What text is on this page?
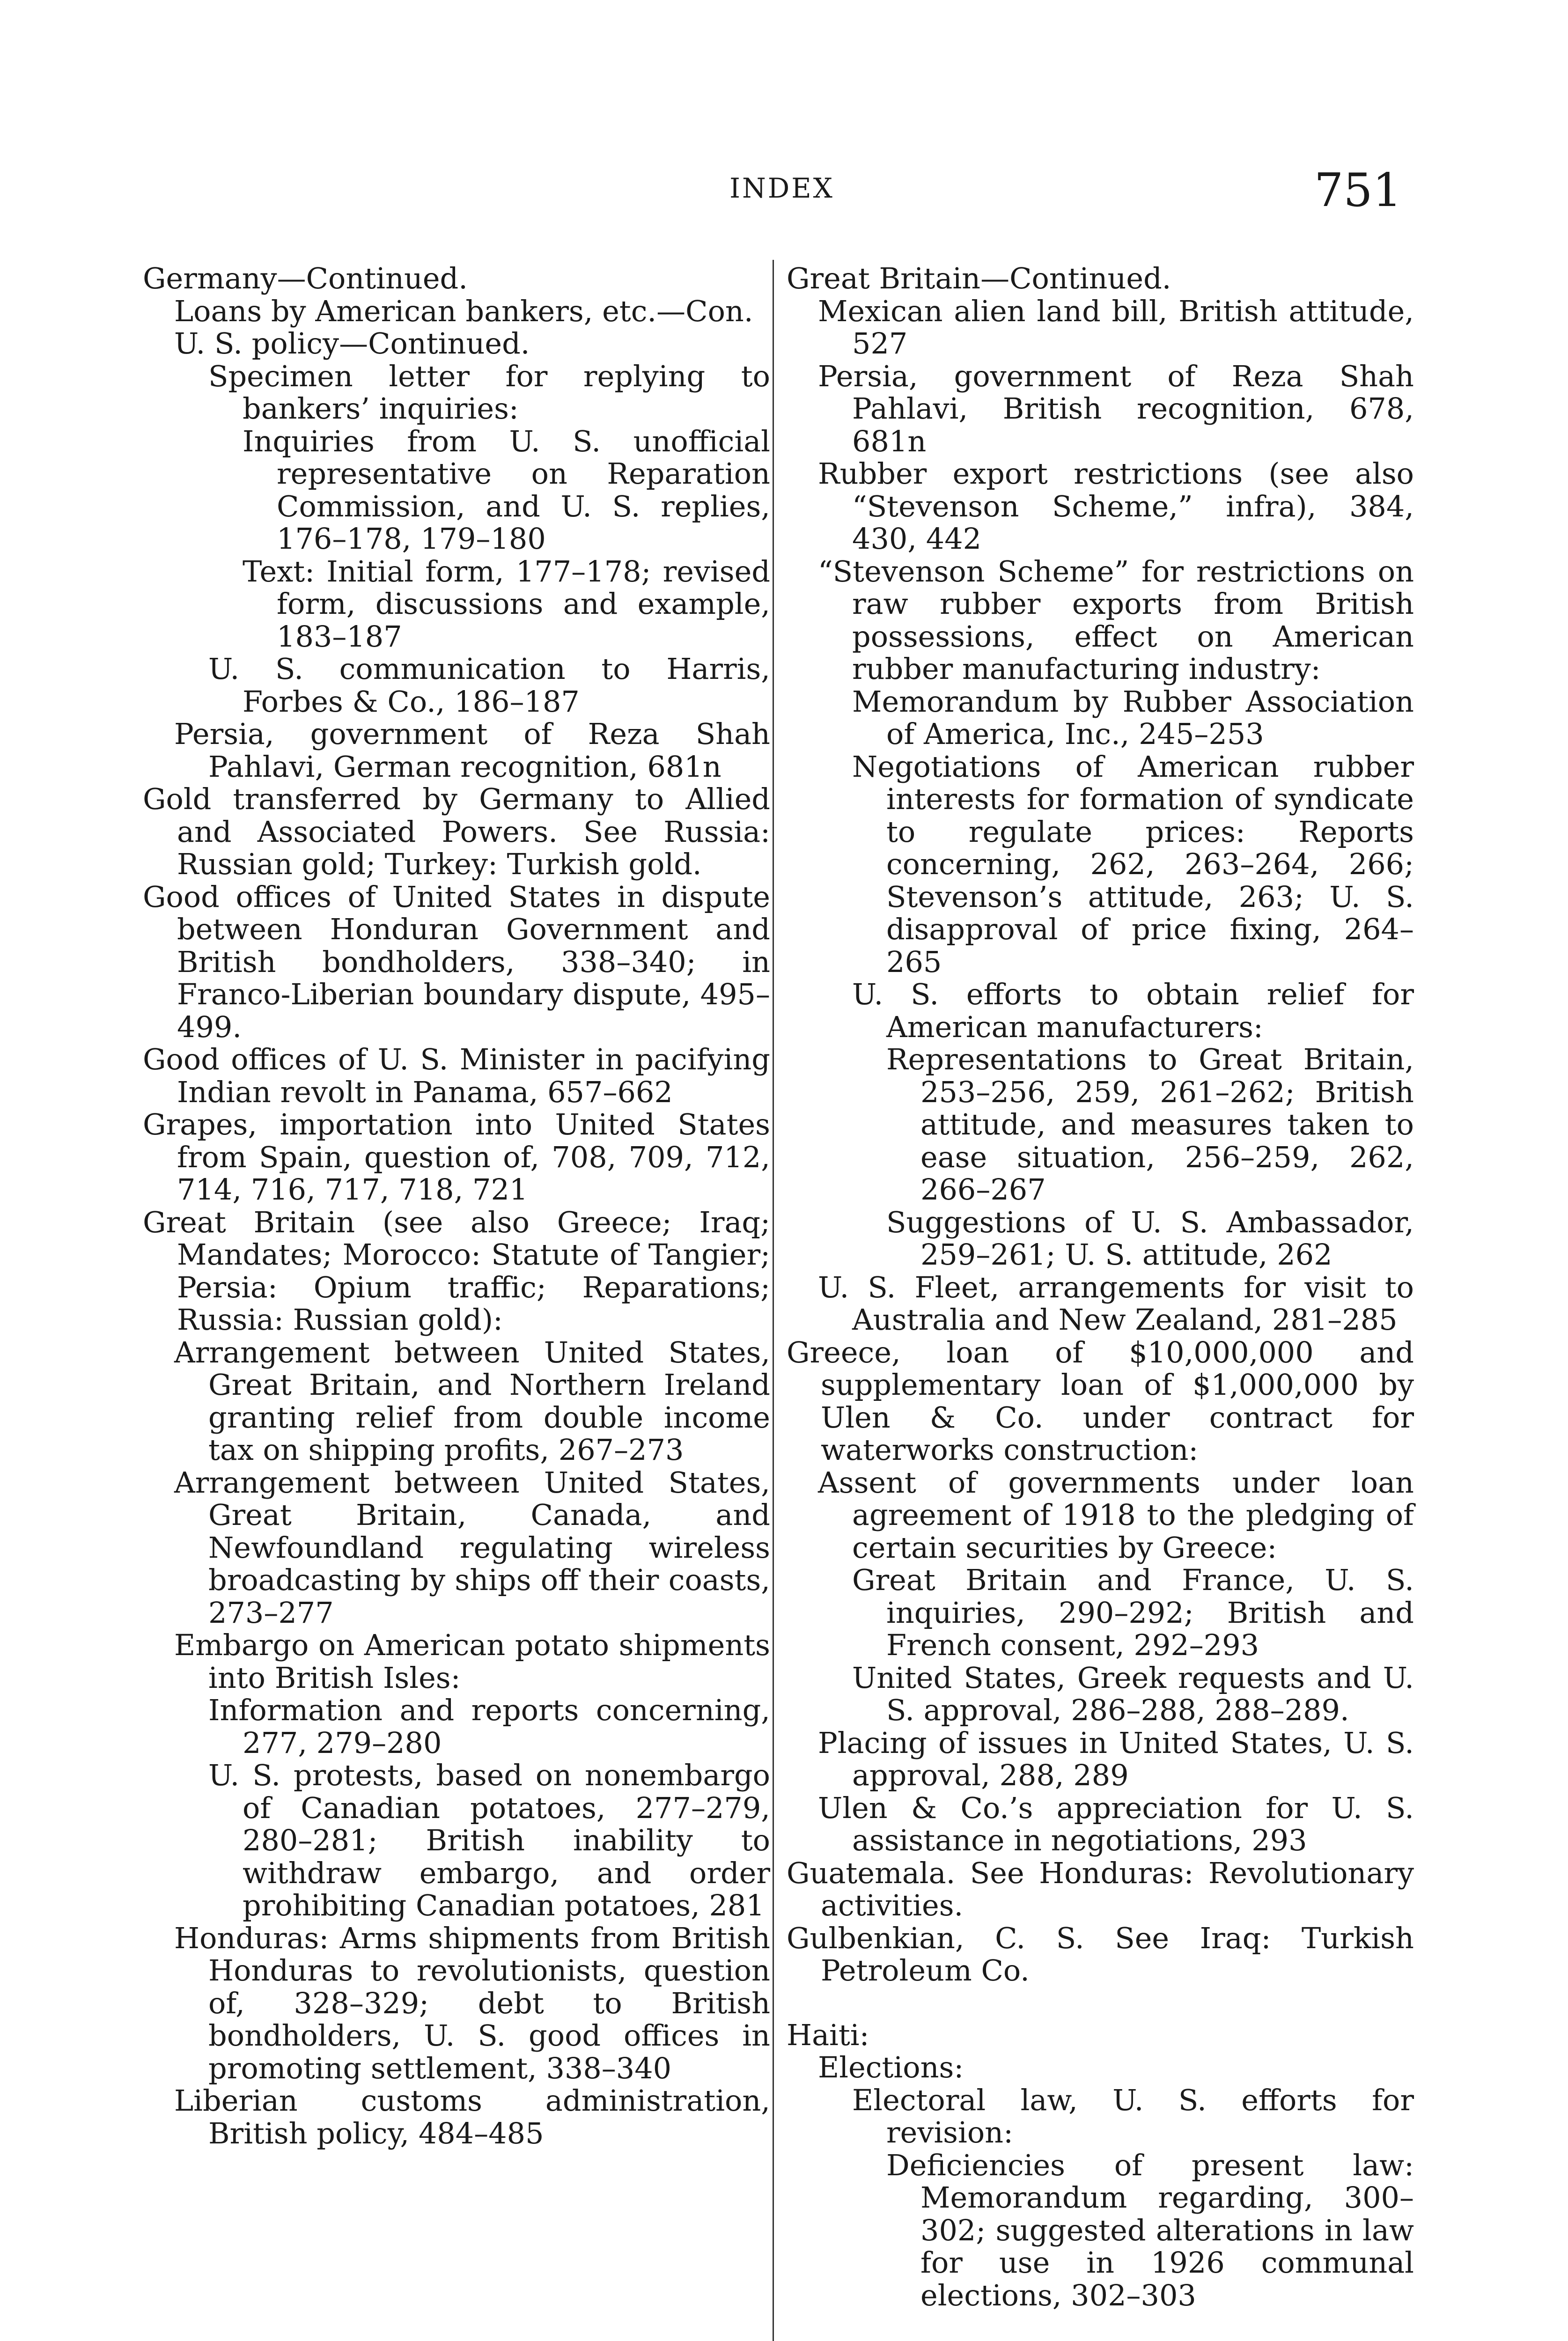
INDEX	751
Germany—Continued.
Loans by American bankers, etc.—Con.
U. S. policy—Continued.
Specimen letter for replying to bankers’ inquiries:
Inquiries from U. S. unofficial representative on Reparation Commission, and U. S. replies, 176–178, 179–180
Text: Initial form, 177–178; revised form, discussions and example, 183–187
U. S. communication to Harris, Forbes & Co., 186–187
Persia, government of Reza Shah Pahlavi, German recognition, 681n
Gold transferred by Germany to Allied and Associated Powers. See Russia: Russian gold; Turkey: Turkish gold.
Good offices of United States in dispute between Honduran Government and British bondholders, 338–340; in Franco-Liberian boundary dispute, 495–499.
Good offices of U. S. Minister in pacifying Indian revolt in Panama, 657–662
Grapes, importation into United States from Spain, question of, 708, 709, 712, 714, 716, 717, 718, 721
Great Britain (see also Greece; Iraq; Mandates; Morocco: Statute of Tangier; Persia: Opium traffic; Reparations; Russia: Russian gold):
Arrangement between United States, Great Britain, and Northern Ireland granting relief from double income tax on shipping profits, 267–273
Arrangement between United States, Great Britain, Canada, and Newfoundland regulating wireless broadcasting by ships off their coasts, 273–277
Embargo on American potato shipments into British Isles:
Information and reports concerning, 277, 279–280
U. S. protests, based on nonembargo of Canadian potatoes, 277–279, 280–281; British inability to withdraw embargo, and order prohibiting Canadian potatoes, 281
Honduras: Arms shipments from British Honduras to revolutionists, question of, 328–329; debt to British bondholders, U. S. good offices in promoting settlement, 338–340
Liberian customs administration, British policy, 484–485
Great Britain—Continued.
Mexican alien land bill, British attitude, 527
Persia, government of Reza Shah Pahlavi, British recognition, 678, 681n
Rubber export restrictions (see also “Stevenson Scheme,” infra), 384, 430, 442
“Stevenson Scheme” for restrictions on raw rubber exports from British possessions, effect on American rubber manufacturing industry:
Memorandum by Rubber Association of America, Inc., 245–253
Negotiations of American rubber interests for formation of syndicate to regulate prices: Reports concerning, 262, 263–264, 266; Stevenson’s attitude, 263; U. S. disapproval of price fixing, 264–265
U. S. efforts to obtain relief for American manufacturers:
Representations to Great Britain, 253–256, 259, 261–262; British attitude, and measures taken to ease situation, 256–259, 262, 266–267
Suggestions of U. S. Ambassador, 259–261; U. S. attitude, 262
U. S. Fleet, arrangements for visit to Australia and New Zealand, 281–285
Greece, loan of $10,000,000 and supplementary loan of $1,000,000 by Ulen & Co. under contract for waterworks construction:
Assent of governments under loan agreement of 1918 to the pledging of certain securities by Greece:
Great Britain and France, U. S. inquiries, 290–292; British and French consent, 292–293
United States, Greek requests and U. S. approval, 286–288, 288–289.
Placing of issues in United States, U. S. approval, 288, 289
Ulen & Co.’s appreciation for U. S. assistance in negotiations, 293
Guatemala. See Honduras: Revolutionary activities.
Gulbenkian, C. S. See Iraq: Turkish Petroleum Co.
Haiti:
Elections:
Electoral law, U. S. efforts for revision:
Deficiencies of present law: Memorandum regarding, 300–302; suggested alterations in law for use in 1926 communal elections, 302–303
